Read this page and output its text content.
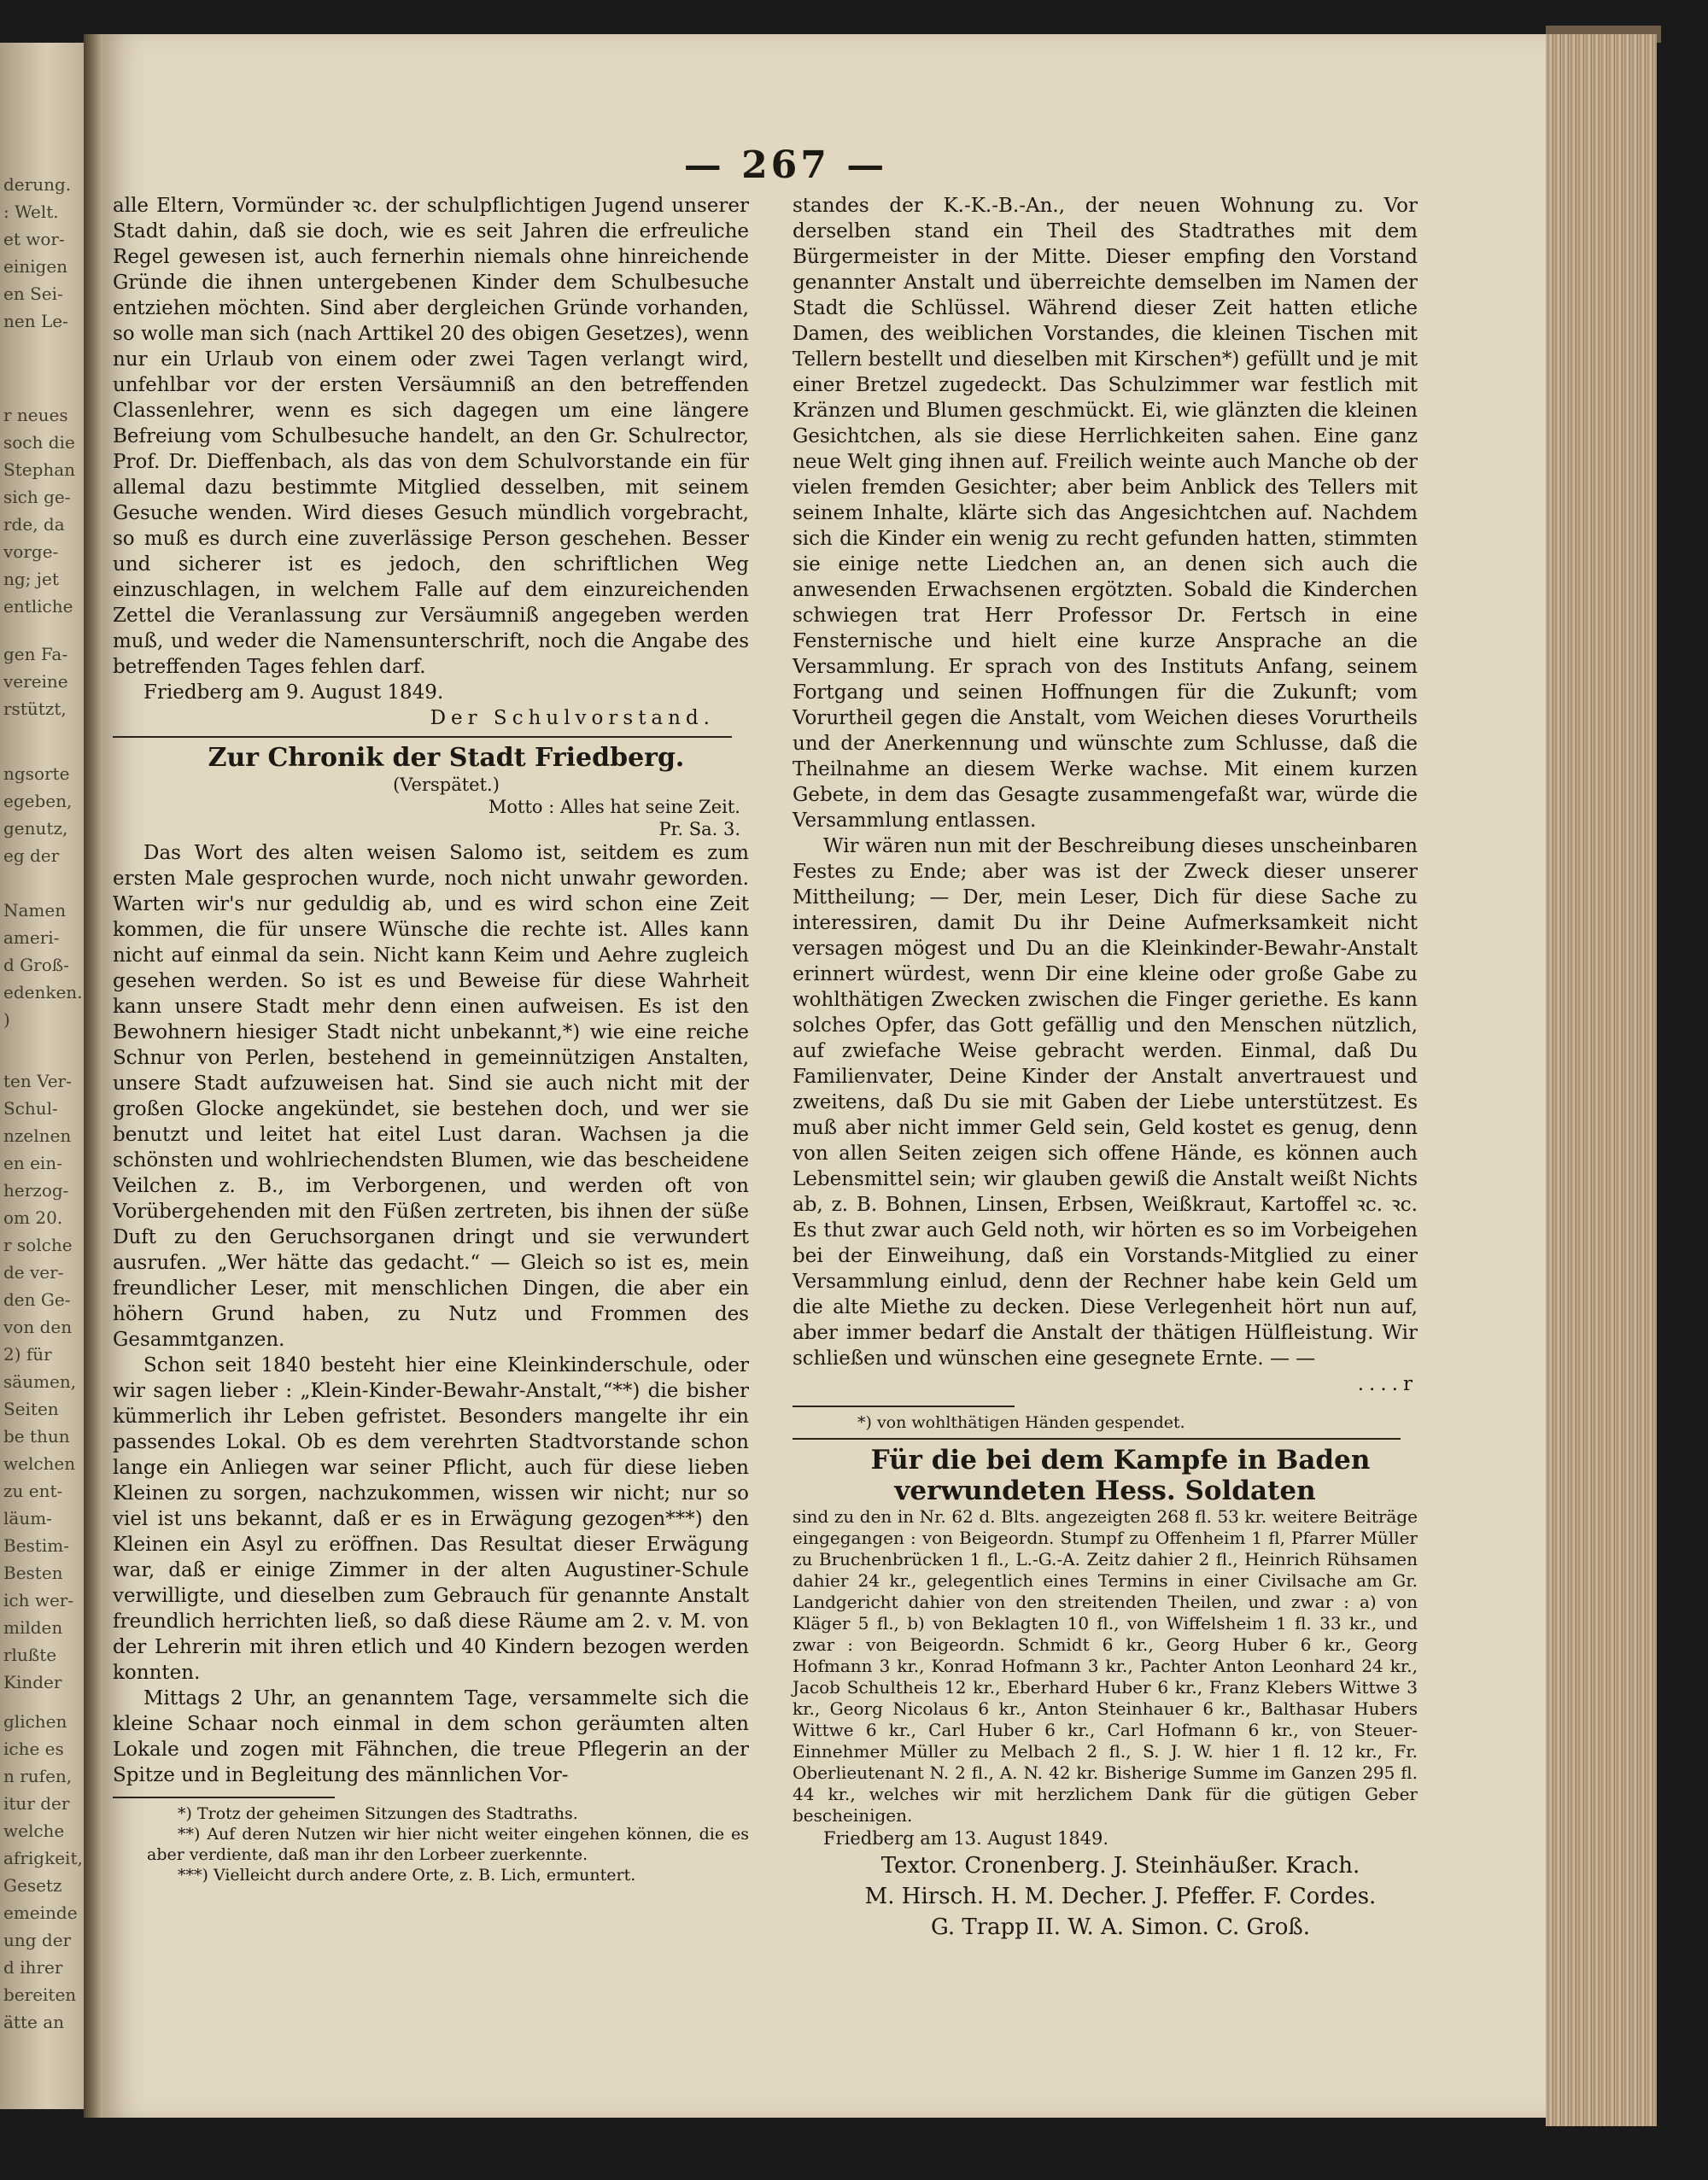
derung.
: Welt.
et wor-
einigen
en Sei-
nen Le-
r neues
soch die
Stephan
sich ge-
rde, da
vorge-
ng; jet
entliche
gen Fa-
vereine
rstützt,
ngsorte
egeben,
genutz,
eg der
Namen
ameri-
d Groß-
edenken.
)
ten Ver-
Schul-
nzelnen
en ein-
herzog-
om 20.
r solche
de ver-
den Ge-
von den
2) für
säumen,
Seiten
be thun
welchen
zu ent-
läum-
Bestim-
Besten
ich wer-
milden
rlußte
Kinder
glichen
iche es
n rufen,
itur der
welche
afrigkeit,
Gesetz
emeinde
ung der
d ihrer
bereiten
ätte an
— 267 —

alle Eltern, Vormünder ꝛc. der schulpflichtigen Jugend unserer Stadt dahin, daß sie doch, wie es seit Jahren die erfreuliche Regel gewesen ist, auch fernerhin niemals ohne hinreichende Gründe die ihnen untergebenen Kinder dem Schulbesuche entziehen möchten. Sind aber dergleichen Gründe vorhanden, so wolle man sich (nach Arttikel 20 des obigen Gesetzes), wenn nur ein Urlaub von einem oder zwei Tagen verlangt wird, unfehlbar vor der ersten Versäumniß an den betreffenden Classenlehrer, wenn es sich dagegen um eine längere Befreiung vom Schulbesuche handelt, an den Gr. Schulrector, Prof. Dr. Dieffenbach, als das von dem Schulvorstande ein für allemal dazu bestimmte Mitglied desselben, mit seinem Gesuche wenden. Wird dieses Gesuch mündlich vorgebracht, so muß es durch eine zuverlässige Person geschehen. Besser und sicherer ist es jedoch, den schriftlichen Weg einzuschlagen, in welchem Falle auf dem einzureichenden Zettel die Veranlassung zur Versäumniß angegeben werden muß, und weder die Namensunterschrift, noch die Angabe des betreffenden Tages fehlen darf.

Friedberg am 9. August 1849.

Der Schulvorstand.

Zur Chronik der Stadt Friedberg.

(Verspätet.)

Motto : Alles hat seine Zeit.

Pr. Sa. 3.

Das Wort des alten weisen Salomo ist, seitdem es zum ersten Male gesprochen wurde, noch nicht unwahr geworden. Warten wir's nur geduldig ab, und es wird schon eine Zeit kommen, die für unsere Wünsche die rechte ist. Alles kann nicht auf einmal da sein. Nicht kann Keim und Aehre zugleich gesehen werden. So ist es und Beweise für diese Wahrheit kann unsere Stadt mehr denn einen aufweisen. Es ist den Bewohnern hiesiger Stadt nicht unbekannt,*) wie eine reiche Schnur von Perlen, bestehend in gemeinnützigen Anstalten, unsere Stadt aufzuweisen hat. Sind sie auch nicht mit der großen Glocke angekündet, sie bestehen doch, und wer sie benutzt und leitet hat eitel Lust daran. Wachsen ja die schönsten und wohlriechendsten Blumen, wie das bescheidene Veilchen z. B., im Verborgenen, und werden oft von Vorübergehenden mit den Füßen zertreten, bis ihnen der süße Duft zu den Geruchsorganen dringt und sie verwundert ausrufen. „Wer hätte das gedacht.“ — Gleich so ist es, mein freundlicher Leser, mit menschlichen Dingen, die aber ein höhern Grund haben, zu Nutz und Frommen des Gesammtganzen.

Schon seit 1840 besteht hier eine Kleinkinderschule, oder wir sagen lieber : „Klein-Kinder-Bewahr-Anstalt,“**) die bisher kümmerlich ihr Leben gefristet. Besonders mangelte ihr ein passendes Lokal. Ob es dem verehrten Stadtvorstande schon lange ein Anliegen war seiner Pflicht, auch für diese lieben Kleinen zu sorgen, nachzukommen, wissen wir nicht; nur so viel ist uns bekannt, daß er es in Erwägung gezogen***) den Kleinen ein Asyl zu eröffnen. Das Resultat dieser Erwägung war, daß er einige Zimmer in der alten Augustiner-Schule verwilligte, und dieselben zum Gebrauch für genannte Anstalt freundlich herrichten ließ, so daß diese Räume am 2. v. M. von der Lehrerin mit ihren etlich und 40 Kindern bezogen werden konnten.

Mittags 2 Uhr, an genanntem Tage, versammelte sich die kleine Schaar noch einmal in dem schon geräumten alten Lokale und zogen mit Fähnchen, die treue Pflegerin an der Spitze und in Begleitung des männlichen Vor-

*) Trotz der geheimen Sitzungen des Stadtraths.

**) Auf deren Nutzen wir hier nicht weiter eingehen können, die es aber verdiente, daß man ihr den Lorbeer zuerkennte.

***) Vielleicht durch andere Orte, z. B. Lich, ermuntert.

standes der K.-K.-B.-An., der neuen Wohnung zu. Vor derselben stand ein Theil des Stadtrathes mit dem Bürgermeister in der Mitte. Dieser empfing den Vorstand genannter Anstalt und überreichte demselben im Namen der Stadt die Schlüssel. Während dieser Zeit hatten etliche Damen, des weiblichen Vorstandes, die kleinen Tischen mit Tellern bestellt und dieselben mit Kirschen*) gefüllt und je mit einer Bretzel zugedeckt. Das Schulzimmer war festlich mit Kränzen und Blumen geschmückt. Ei, wie glänzten die kleinen Gesichtchen, als sie diese Herrlichkeiten sahen. Eine ganz neue Welt ging ihnen auf. Freilich weinte auch Manche ob der vielen fremden Gesichter; aber beim Anblick des Tellers mit seinem Inhalte, klärte sich das Angesichtchen auf. Nachdem sich die Kinder ein wenig zu recht gefunden hatten, stimmten sie einige nette Liedchen an, an denen sich auch die anwesenden Erwachsenen ergötzten. Sobald die Kinderchen schwiegen trat Herr Professor Dr. Fertsch in eine Fensternische und hielt eine kurze Ansprache an die Versammlung. Er sprach von des Instituts Anfang, seinem Fortgang und seinen Hoffnungen für die Zukunft; vom Vorurtheil gegen die Anstalt, vom Weichen dieses Vorurtheils und der Anerkennung und wünschte zum Schlusse, daß die Theilnahme an diesem Werke wachse. Mit einem kurzen Gebete, in dem das Gesagte zusammengefaßt war, würde die Versammlung entlassen.

Wir wären nun mit der Beschreibung dieses unscheinbaren Festes zu Ende; aber was ist der Zweck dieser unserer Mittheilung; — Der, mein Leser, Dich für diese Sache zu interessiren, damit Du ihr Deine Aufmerksamkeit nicht versagen mögest und Du an die Kleinkinder-Bewahr-Anstalt erinnert würdest, wenn Dir eine kleine oder große Gabe zu wohlthätigen Zwecken zwischen die Finger geriethe. Es kann solches Opfer, das Gott gefällig und den Menschen nützlich, auf zwiefache Weise gebracht werden. Einmal, daß Du Familienvater, Deine Kinder der Anstalt anvertrauest und zweitens, daß Du sie mit Gaben der Liebe unterstützest. Es muß aber nicht immer Geld sein, Geld kostet es genug, denn von allen Seiten zeigen sich offene Hände, es können auch Lebensmittel sein; wir glauben gewiß die Anstalt weißt Nichts ab, z. B. Bohnen, Linsen, Erbsen, Weißkraut, Kartoffel ꝛc. ꝛc. Es thut zwar auch Geld noth, wir hörten es so im Vorbeigehen bei der Einweihung, daß ein Vorstands-Mitglied zu einer Versammlung einlud, denn der Rechner habe kein Geld um die alte Miethe zu decken. Diese Verlegenheit hört nun auf, aber immer bedarf die Anstalt der thätigen Hülfleistung. Wir schließen und wünschen eine gesegnete Ernte. — —

....r

*) von wohlthätigen Händen gespendet.

Für die bei dem Kampfe in Baden verwundeten Hess. Soldaten

sind zu den in Nr. 62 d. Blts. angezeigten 268 fl. 53 kr. weitere Beiträge eingegangen : von Beigeordn. Stumpf zu Offenheim 1 fl, Pfarrer Müller zu Bruchenbrücken 1 fl., L.-G.-A. Zeitz dahier 2 fl., Heinrich Rühsamen dahier 24 kr., gelegentlich eines Termins in einer Civilsache am Gr. Landgericht dahier von den streitenden Theilen, und zwar : a) von Kläger 5 fl., b) von Beklagten 10 fl., von Wiffelsheim 1 fl. 33 kr., und zwar : von Beigeordn. Schmidt 6 kr., Georg Huber 6 kr., Georg Hofmann 3 kr., Konrad Hofmann 3 kr., Pachter Anton Leonhard 24 kr., Jacob Schultheis 12 kr., Eberhard Huber 6 kr., Franz Klebers Wittwe 3 kr., Georg Nicolaus 6 kr., Anton Steinhauer 6 kr., Balthasar Hubers Wittwe 6 kr., Carl Huber 6 kr., Carl Hofmann 6 kr., von Steuer-Einnehmer Müller zu Melbach 2 fl., S. J. W. hier 1 fl. 12 kr., Fr. Oberlieutenant N. 2 fl., A. N. 42 kr. Bisherige Summe im Ganzen 295 fl. 44 kr., welches wir mit herzlichem Dank für die gütigen Geber bescheinigen.

Friedberg am 13. August 1849.

Textor. Cronenberg. J. Steinhäußer. Krach.

M. Hirsch. H. M. Decher. J. Pfeffer. F. Cordes.

G. Trapp II. W. A. Simon. C. Groß.
